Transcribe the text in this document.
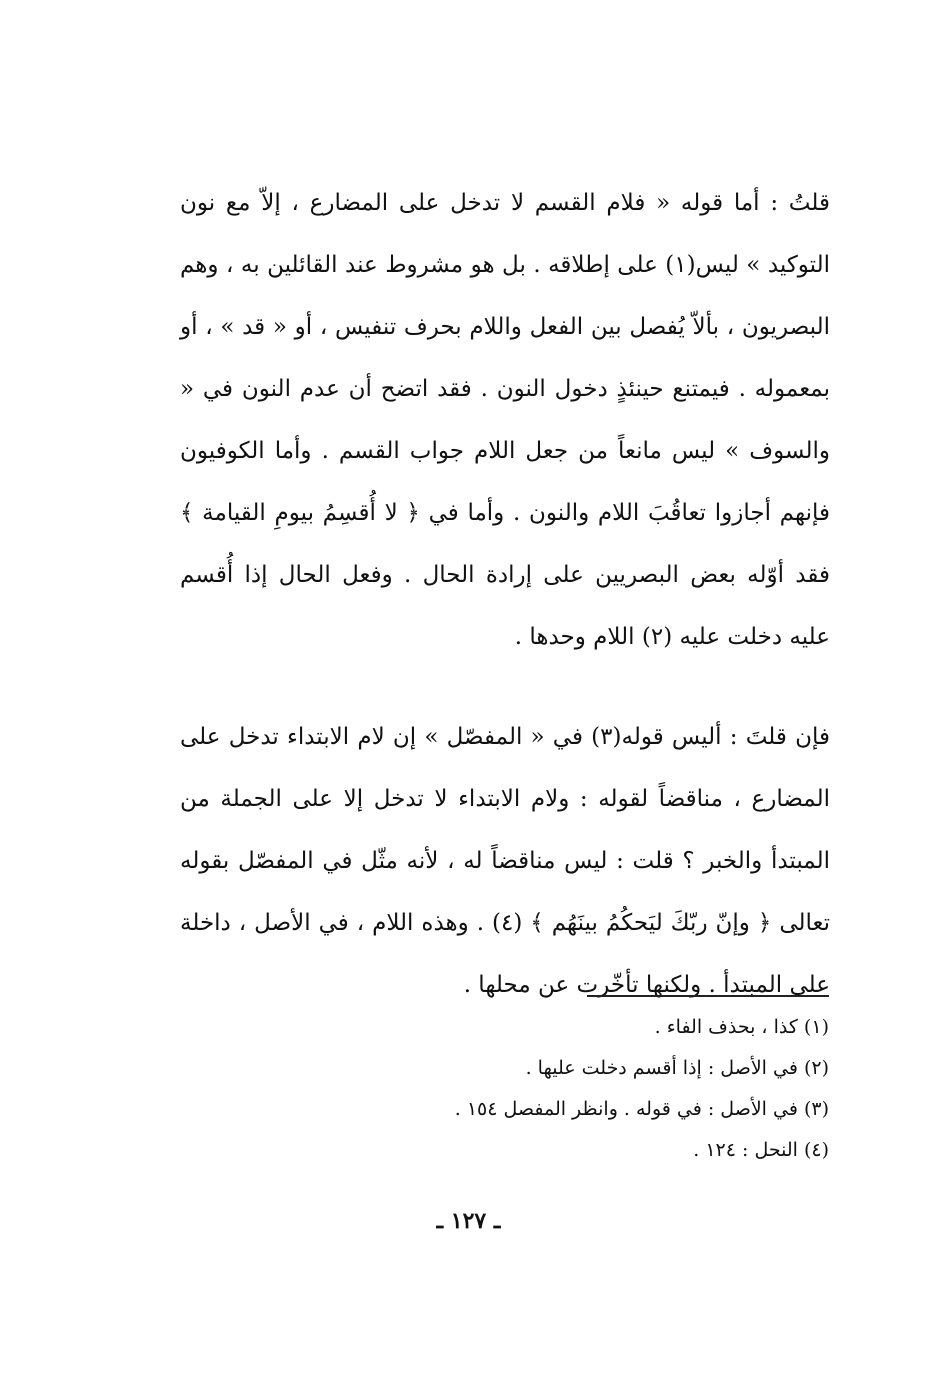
قلتُ : أما قوله « فلام القسم لا تدخل على المضارع ، إلاّ مع نون التوكيد » ليس(١) على إطلاقه . بل هو مشروط عند القائلين به ، وهم البصريون ، بألاّ يُفصل بين الفعل واللام بحرف تنفيس ، أو « قد » ، أو بمعموله . فيمتنع حينئذٍ دخول النون . فقد اتضح أن عدم النون في « والسوف » ليس مانعاً من جعل اللام جواب القسم . وأما الكوفيون فإنهم أجازوا تعاقُبَ اللام والنون . وأما في ﴿ لا أُقسِمُ بيومِ القيامة ﴾ فقد أوّله بعض البصريين على إرادة الحال . وفعل الحال إذا أُقسم عليه دخلت عليه (٢) اللام وحدها .

فإن قلتَ : أليس قوله(٣) في « المفصّل » إن لام الابتداء تدخل على المضارع ، مناقضاً لقوله : ولام الابتداء لا تدخل إلا على الجملة من المبتدأ والخبر ؟ قلت : ليس مناقضاً له ، لأنه مثّل في المفصّل بقوله تعالى ﴿ وإنّ ربّكَ ليَحكُمُ بينَهُم ﴾ (٤) . وهذه اللام ، في الأصل ، داخلة على المبتدأ . ولكنها تأخّرت عن محلها .

(١) كذا ، بحذف الفاء .

(٢) في الأصل : إذا أقسم دخلت عليها .

(٣) في الأصل : في قوله . وانظر المفصل ١٥٤ .

(٤) النحل : ١٢٤ .

ـ ١٢٧ ـ
